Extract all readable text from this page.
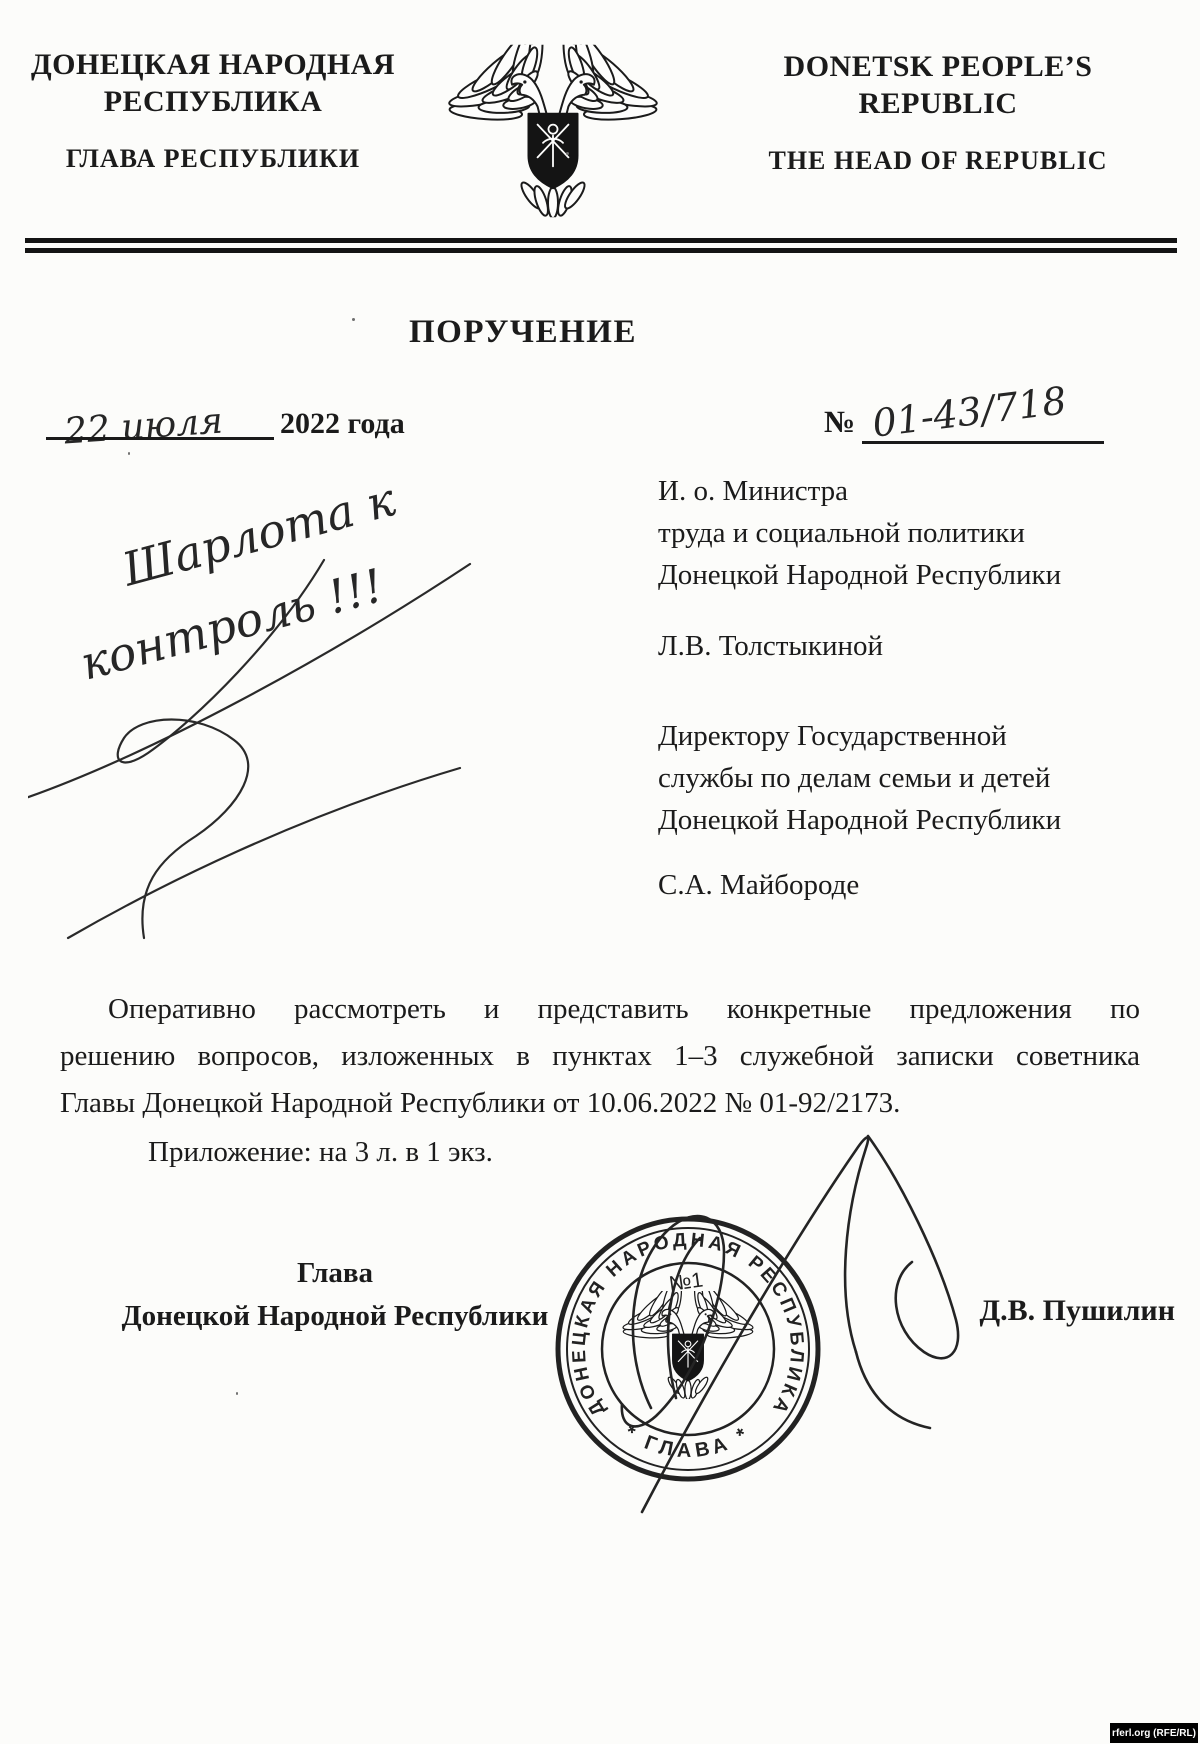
ДОНЕЦКАЯ НАРОДНАЯ
РЕСПУБЛИКА
ГЛАВА РЕСПУБЛИКИ
DONETSK PEOPLE’S
REPUBLIC
THE HEAD OF REPUBLIC
ПОРУЧЕНИЕ
22 июля 2022 года	№ 01-43/718
Шарлота к
контроль !!!
И. о. Министра
труда и социальной политики
Донецкой Народной Республики
Л.В. Толстыкиной
Директору Государственной
службы по делам семьи и детей
Донецкой Народной Республики
С.А. Майбороде
Оперативно рассмотреть и представить конкретные предложения по
решению вопросов, изложенных в пунктах 1–3 служебной записки советника
Главы Донецкой Народной Республики от 10.06.2022 № 01-92/2173.
Приложение: на 3 л. в 1 экз.
Глава
Донецкой Народной Республики	Д.В. Пушилин
ДОНЕЦКАЯ НАРОДНАЯ РЕСПУБЛИКА
* ГЛАВА *
№1
rferl.org (RFE/RL)
